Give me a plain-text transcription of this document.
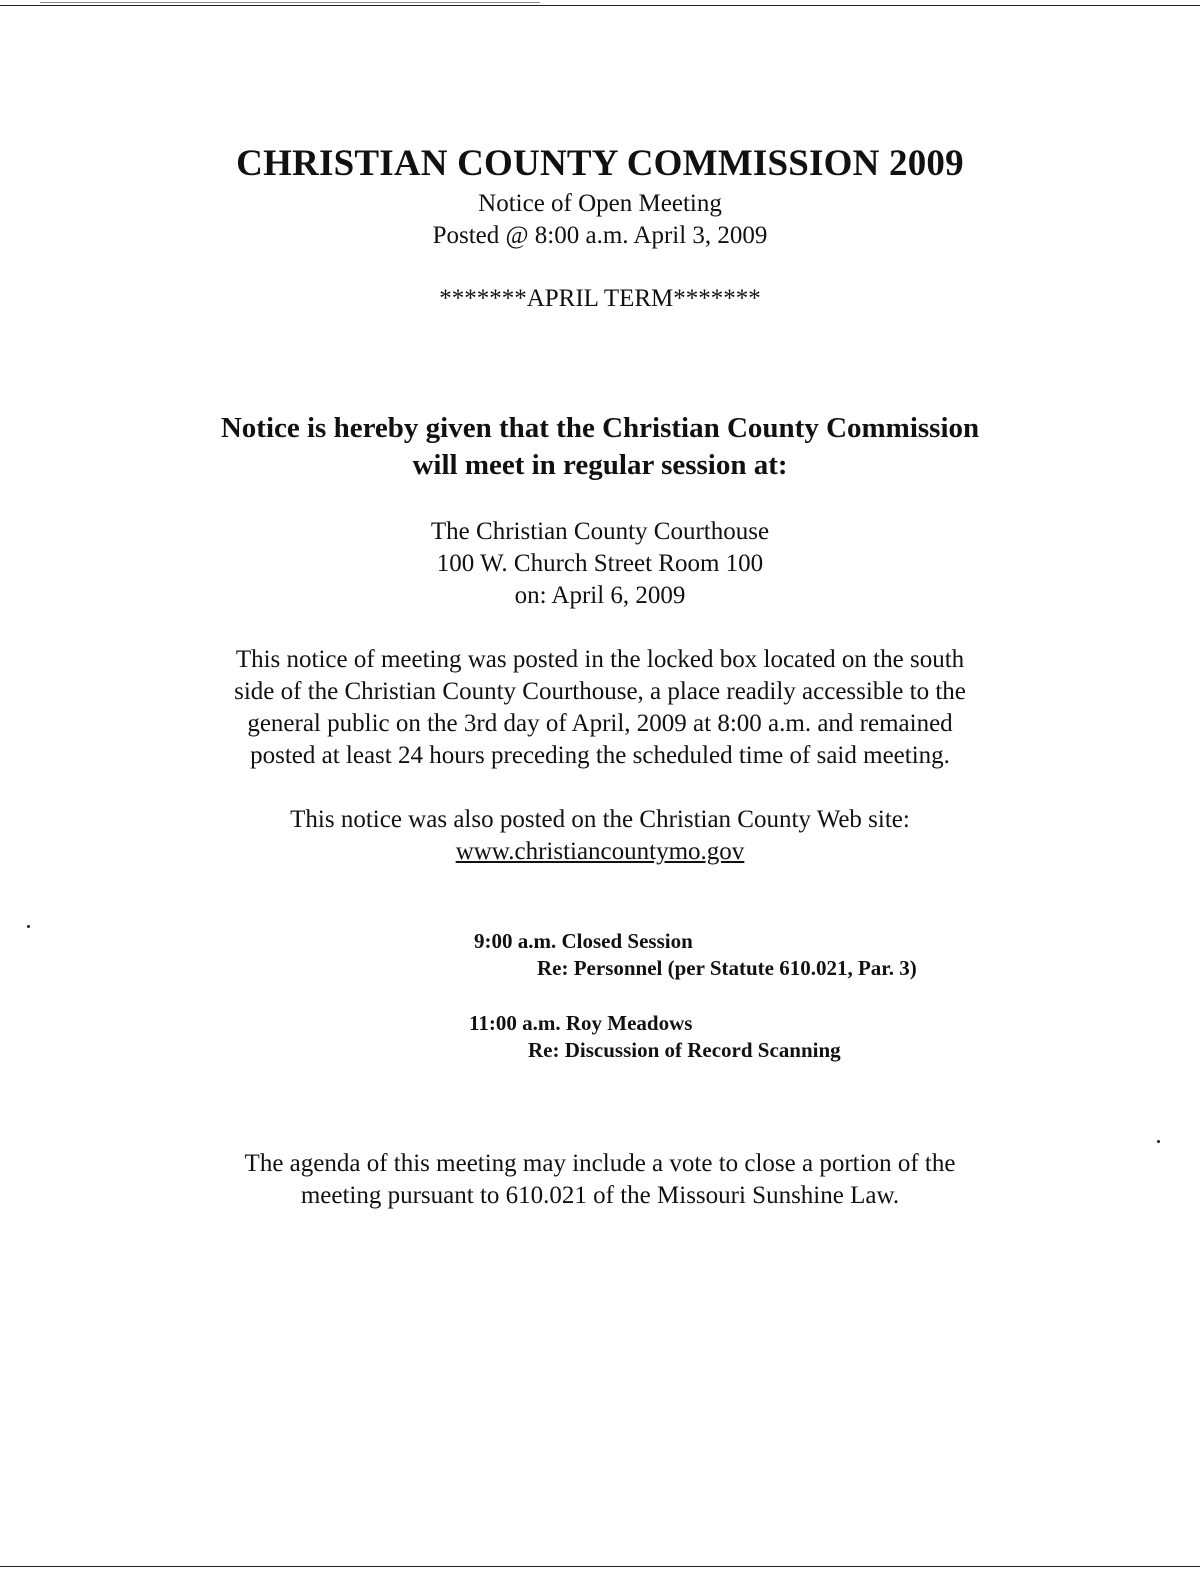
CHRISTIAN COUNTY COMMISSION 2009
Notice of Open Meeting
Posted @ 8:00 a.m. April 3, 2009
*******APRIL TERM*******
Notice is hereby given that the Christian County Commission
will meet in regular session at:
The Christian County Courthouse
100 W. Church Street Room 100
on: April 6, 2009
This notice of meeting was posted in the locked box located on the south
side of the Christian County Courthouse, a place readily accessible to the
general public on the 3rd day of April, 2009 at 8:00 a.m. and remained
posted at least 24 hours preceding the scheduled time of said meeting.
This notice was also posted on the Christian County Web site:
www.christiancountymo.gov
9:00 a.m. Closed Session
Re: Personnel (per Statute 610.021, Par. 3)
11:00 a.m. Roy Meadows
Re: Discussion of Record Scanning
The agenda of this meeting may include a vote to close a portion of the
meeting pursuant to 610.021 of the Missouri Sunshine Law.
